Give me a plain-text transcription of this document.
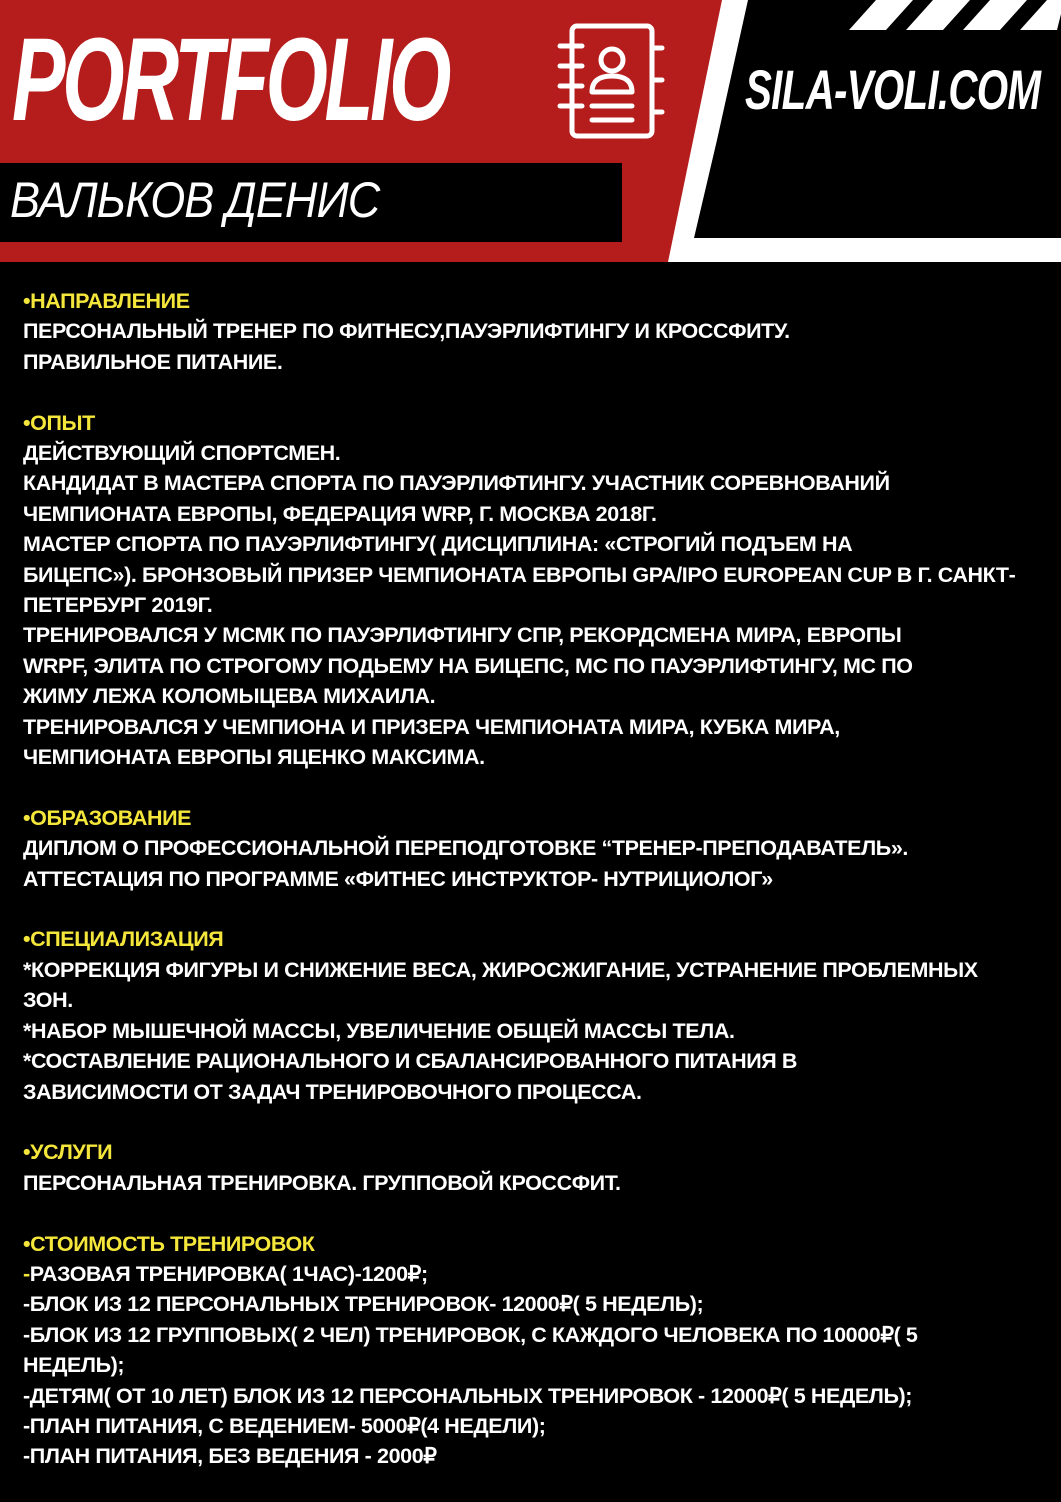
PORTFOLIO	SILA-VOLI.COM
ВАЛЬКОВ ДЕНИС
•НАПРАВЛЕНИЕ
ПЕРСОНАЛЬНЫЙ ТРЕНЕР ПО ФИТНЕСУ,ПАУЭРЛИФТИНГУ И КРОССФИТУ.
ПРАВИЛЬНОЕ ПИТАНИЕ.
•ОПЫТ
ДЕЙСТВУЮЩИЙ СПОРТСМЕН.
КАНДИДАТ В МАСТЕРА СПОРТА ПО ПАУЭРЛИФТИНГУ. УЧАСТНИК СОРЕВНОВАНИЙ
ЧЕМПИОНАТА ЕВРОПЫ, ФЕДЕРАЦИЯ WRP, Г. МОСКВА 2018Г.
МАСТЕР СПОРТА ПО ПАУЭРЛИФТИНГУ( ДИСЦИПЛИНА: «СТРОГИЙ ПОДЪЕМ НА
БИЦЕПС»). БРОНЗОВЫЙ ПРИЗЕР ЧЕМПИОНАТА ЕВРОПЫ GPA/IPO EUROPEAN CUP В Г. САНКТ-
ПЕТЕРБУРГ 2019Г.
ТРЕНИРОВАЛСЯ У МСМК ПО ПАУЭРЛИФТИНГУ СПР, РЕКОРДСМЕНА МИРА, ЕВРОПЫ
WRPF, ЭЛИТА ПО СТРОГОМУ ПОДЬЕМУ НА БИЦЕПС, МС ПО ПАУЭРЛИФТИНГУ, МС ПО
ЖИМУ ЛЕЖА КОЛОМЫЦЕВА МИХАИЛА.
ТРЕНИРОВАЛСЯ У ЧЕМПИОНА И ПРИЗЕРА ЧЕМПИОНАТА МИРА, КУБКА МИРА,
ЧЕМПИОНАТА ЕВРОПЫ ЯЦЕНКО МАКСИМА.
•ОБРАЗОВАНИЕ
ДИПЛОМ О ПРОФЕССИОНАЛЬНОЙ ПЕРЕПОДГОТОВКЕ “ТРЕНЕР-ПРЕПОДАВАТЕЛЬ».
АТТЕСТАЦИЯ ПО ПРОГРАММЕ «ФИТНЕС ИНСТРУКТОР- НУТРИЦИОЛОГ»
•СПЕЦИАЛИЗАЦИЯ
*КОРРЕКЦИЯ ФИГУРЫ И СНИЖЕНИЕ ВЕСА, ЖИРОСЖИГАНИЕ, УСТРАНЕНИЕ ПРОБЛЕМНЫХ
ЗОН.
*НАБОР МЫШЕЧНОЙ МАССЫ, УВЕЛИЧЕНИЕ ОБЩЕЙ МАССЫ ТЕЛА.
*СОСТАВЛЕНИЕ РАЦИОНАЛЬНОГО И СБАЛАНСИРОВАННОГО ПИТАНИЯ В
ЗАВИСИМОСТИ ОТ ЗАДАЧ ТРЕНИРОВОЧНОГО ПРОЦЕССА.
•УСЛУГИ
ПЕРСОНАЛЬНАЯ ТРЕНИРОВКА. ГРУППОВОЙ КРОССФИТ.
•СТОИМОСТЬ ТРЕНИРОВОК
-РАЗОВАЯ ТРЕНИРОВКА( 1ЧАС)-1200₽;
-БЛОК ИЗ 12 ПЕРСОНАЛЬНЫХ ТРЕНИРОВОК- 12000₽( 5 НЕДЕЛЬ);
-БЛОК ИЗ 12 ГРУППОВЫХ( 2 ЧЕЛ) ТРЕНИРОВОК, С КАЖДОГО ЧЕЛОВЕКА ПО 10000₽( 5
НЕДЕЛЬ);
-ДЕТЯМ( ОТ 10 ЛЕТ) БЛОК ИЗ 12 ПЕРСОНАЛЬНЫХ ТРЕНИРОВОК - 12000₽( 5 НЕДЕЛЬ);
-ПЛАН ПИТАНИЯ, С ВЕДЕНИЕМ- 5000₽(4 НЕДЕЛИ);
-ПЛАН ПИТАНИЯ, БЕЗ ВЕДЕНИЯ - 2000₽
